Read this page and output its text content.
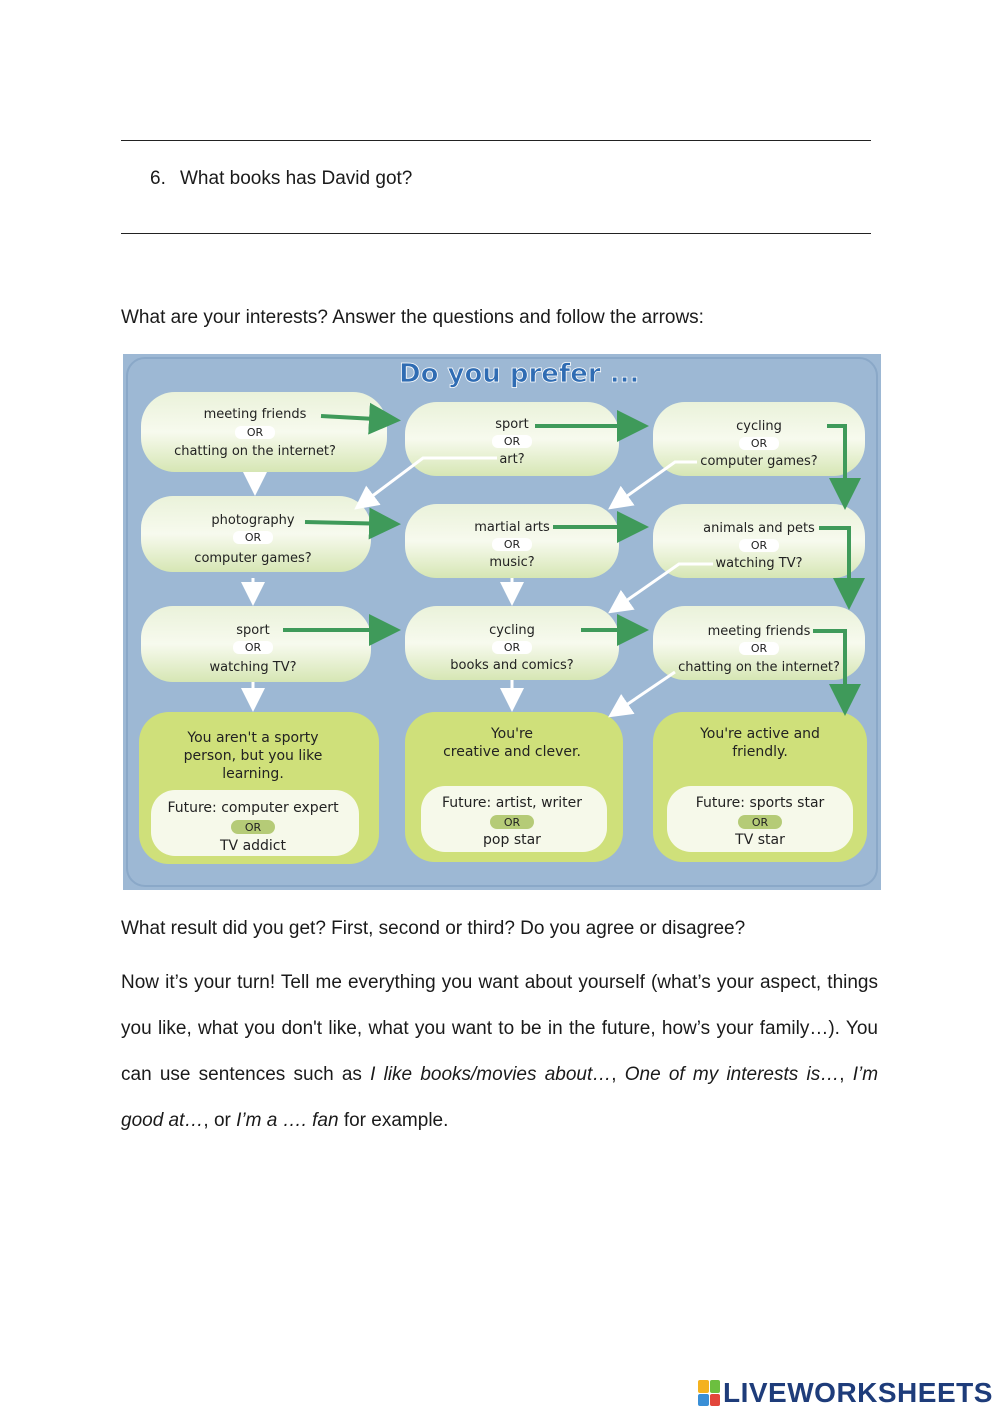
6. What books has David got?
What are your interests? Answer the questions and follow the arrows:
Do you prefer ...
meeting friends
OR
chatting on the internet?
sport
OR
art?
cycling
OR
computer games?
photography
OR
computer games?
martial arts
OR
music?
animals and pets
OR
watching TV?
sport
OR
watching TV?
cycling
OR
books and comics?
meeting friends
OR
chatting on the internet?
You aren't a sporty
person, but you like
learning.
Future: computer expert
OR
TV addict
You're
creative and clever.
Future: artist, writer
OR
pop star
You're active and
friendly.
Future: sports star
OR
TV star
What result did you get? First, second or third? Do you agree or disagree?
Now it’s your turn! Tell me everything you want about yourself (what’s your aspect, things you like, what you don't like, what you want to be in the future, how’s your family…). You can use sentences such as I like books/movies about…, One of my interests is…, I’m good at…, or I’m a …. fan for example.
LIVEWORKSHEETS
